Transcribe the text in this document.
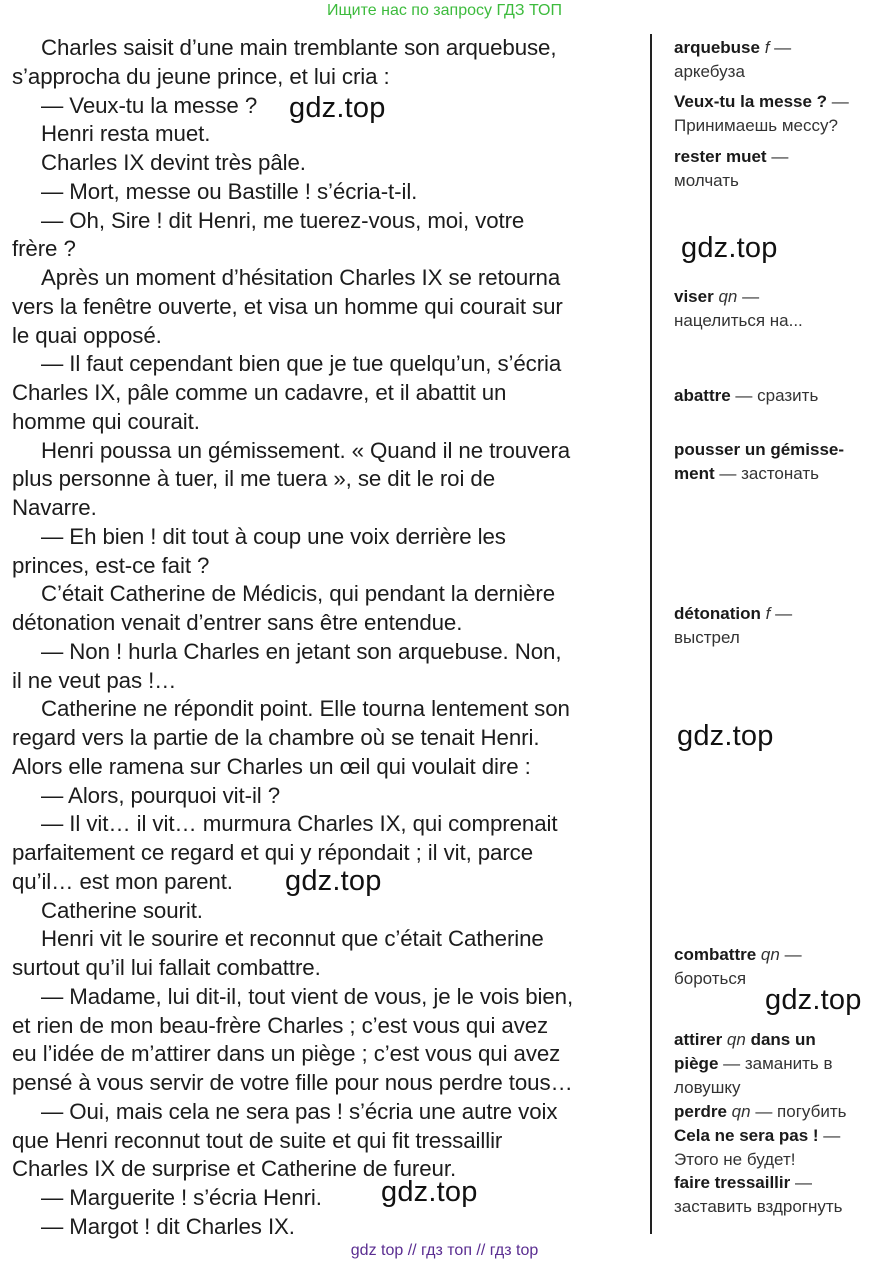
Ищите нас по запросу ГДЗ ТОП
Charles saisit d’une main tremblante son arquebuse,
s’approcha du jeune prince, et lui cria :
— Veux-tu la messe ?
Henri resta muet.
Charles IX devint très pâle.
— Mort, messe ou Bastille ! s’écria-t-il.
— Oh, Sire ! dit Henri, me tuerez-vous, moi, votre
frère ?
Après un moment d’hésitation Charles IX se retourna
vers la fenêtre ouverte, et visa un homme qui courait sur
le quai opposé.
— Il faut cependant bien que je tue quelqu’un, s’écria
Charles IX, pâle comme un cadavre, et il abattit un
homme qui courait.
Henri poussa un gémissement. « Quand il ne trouvera
plus personne à tuer, il me tuera », se dit le roi de
Navarre.
— Eh bien ! dit tout à coup une voix derrière les
princes, est-ce fait ?
C’était Catherine de Médicis, qui pendant la dernière
détonation venait d’entrer sans être entendue.
— Non ! hurla Charles en jetant son arquebuse. Non,
il ne veut pas !…
Catherine ne répondit point. Elle tourna lentement son
regard vers la partie de la chambre où se tenait Henri.
Alors elle ramena sur Charles un œil qui voulait dire :
— Alors, pourquoi vit-il ?
— Il vit… il vit… murmura Charles IX, qui comprenait
parfaitement ce regard et qui y répondait ; il vit, parce
qu’il… est mon parent.
Catherine sourit.
Henri vit le sourire et reconnut que c’était Catherine
surtout qu’il lui fallait combattre.
— Madame, lui dit-il, tout vient de vous, je le vois bien,
et rien de mon beau-frère Charles ; c’est vous qui avez
eu l’idée de m’attirer dans un piège ; c’est vous qui avez
pensé à vous servir de votre fille pour nous perdre tous…
— Oui, mais cela ne sera pas ! s’écria une autre voix
que Henri reconnut tout de suite et qui fit tressaillir
Charles IX de surprise et Catherine de fureur.
— Marguerite ! s’écria Henri.
— Margot ! dit Charles IX.
arquebuse f —
аркебуза
Veux-tu la messe ? —
Принимаешь мессу?
rester muet —
молчать
viser qn —
нацелиться на...
abattre — сразить
pousser un gémisse-
ment — застонать
détonation f —
выстрел
combattre qn —
бороться
attirer qn dans un
piège — заманить в
ловушку
perdre qn — погубить
Cela ne sera pas ! —
Этого не будет!
faire tressaillir —
заставить вздрогнуть
gdz.top
gdz.top
gdz.top
gdz.top
gdz.top
gdz.top
gdz top // гдз топ // гдз top
